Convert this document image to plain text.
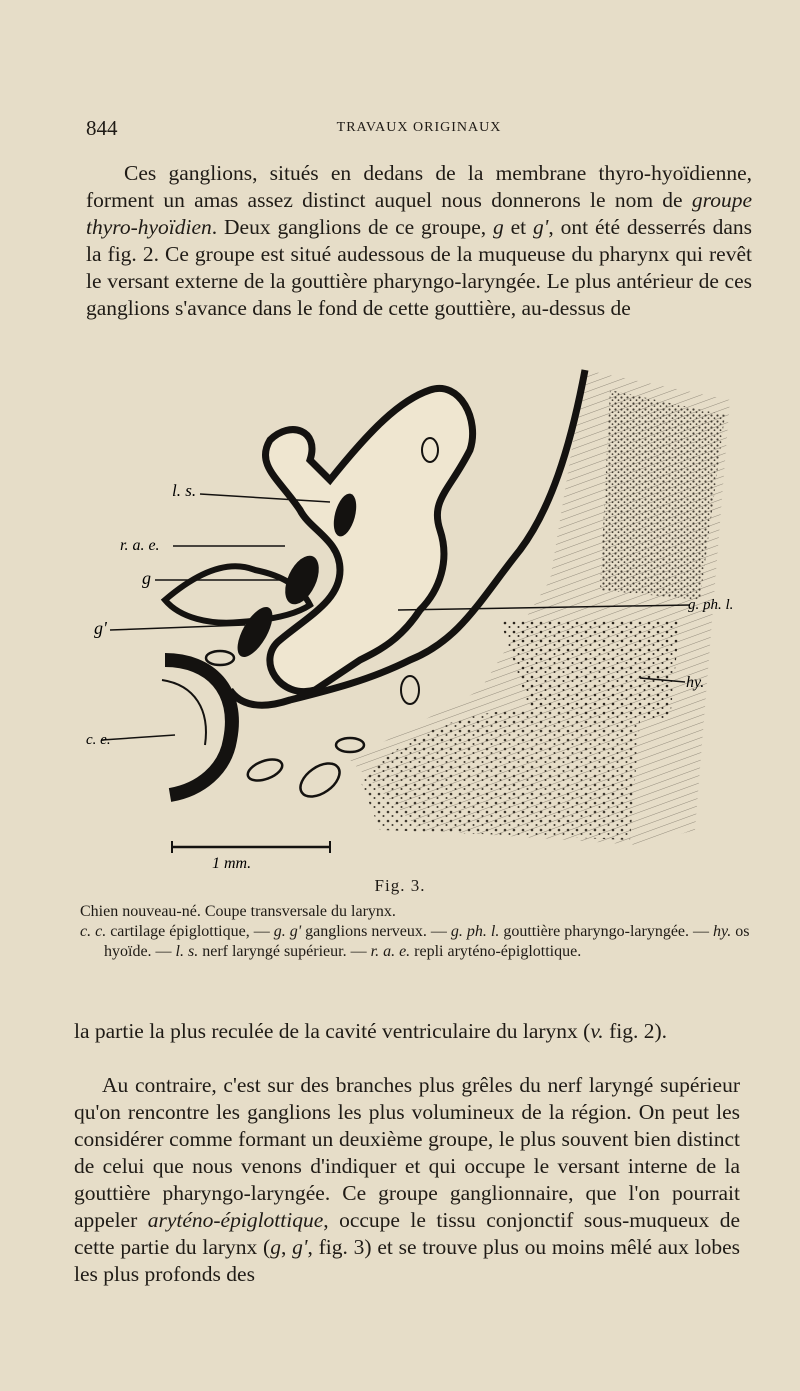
844	TRAVAUX ORIGINAUX

Ces ganglions, situés en dedans de la membrane thyro-hyoïdienne, forment un amas assez distinct auquel nous donnerons le nom de groupe thyro-hyoïdien. Deux ganglions de ce groupe, g et g', ont été desserrés dans la fig. 2. Ce groupe est situé audessous de la muqueuse du pharynx qui revêt le versant externe de la gouttière pharyngo-laryngée. Le plus antérieur de ces ganglions s'avance dans le fond de cette gouttière, au-dessus de

l. s.
r. a. e.
g
g'
c. e.
g. ph. l.
hy.
1 mm.
Fig. 3.
Chien nouveau-né. Coupe transversale du larynx.
c. c. cartilage épiglottique, — g. g' ganglions nerveux. — g. ph. l. gouttière pharyngo-laryngée. — hy. os hyoïde. — l. s. nerf laryngé supérieur. — r. a. e. repli aryténo-épiglottique.

la partie la plus reculée de la cavité ventriculaire du larynx (v. fig. 2).

Au contraire, c'est sur des branches plus grêles du nerf laryngé supérieur qu'on rencontre les ganglions les plus volumineux de la région. On peut les considérer comme formant un deuxième groupe, le plus souvent bien distinct de celui que nous venons d'indiquer et qui occupe le versant interne de la gouttière pharyngo-laryngée. Ce groupe ganglionnaire, que l'on pourrait appeler aryténo-épiglottique, occupe le tissu conjonctif sous-muqueux de cette partie du larynx (g, g', fig. 3) et se trouve plus ou moins mêlé aux lobes les plus profonds des
